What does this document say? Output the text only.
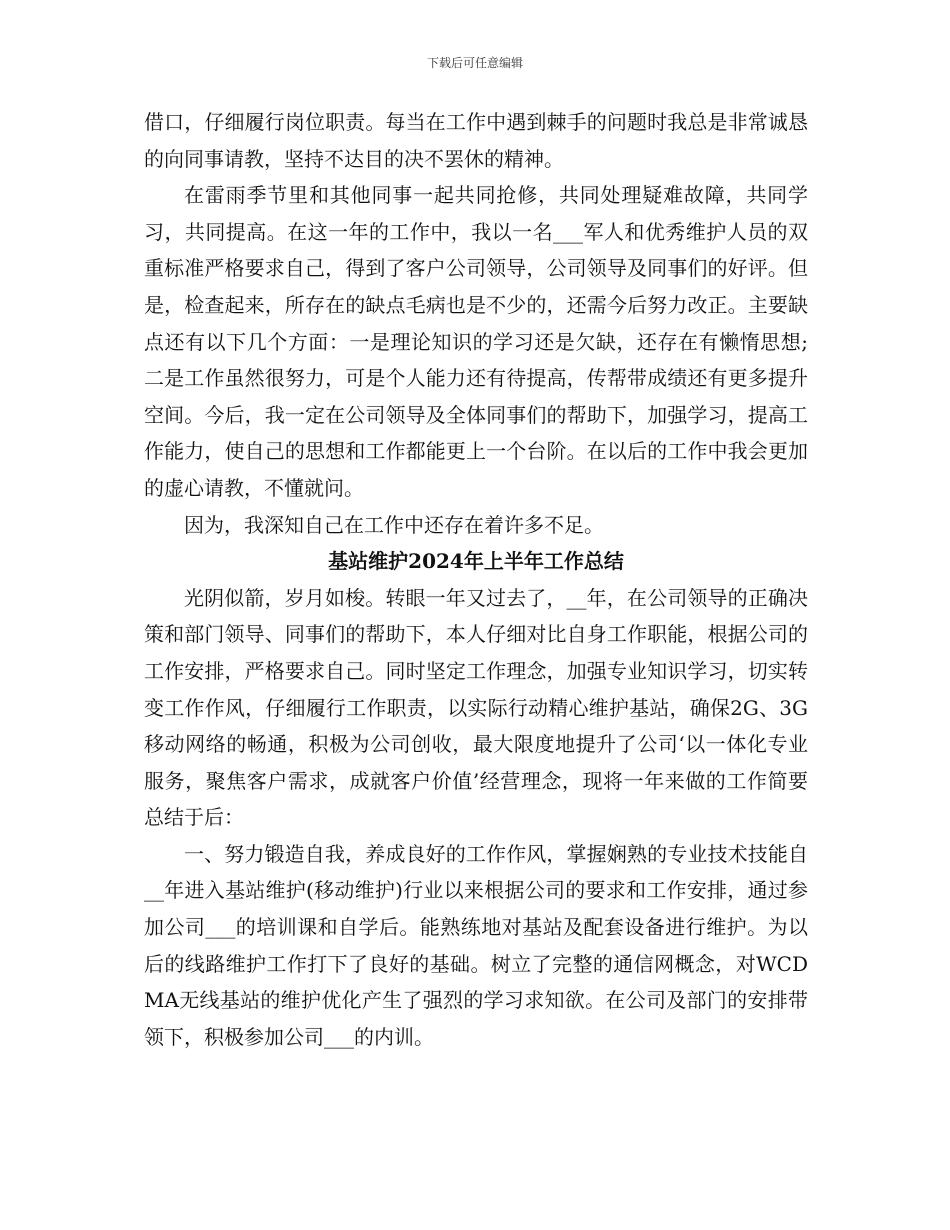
下载后可任意编辑

借口，仔细履行岗位职责。每当在工作中遇到棘手的问题时我总是非常诚恳的向同事请教，坚持不达目的决不罢休的精神。

在雷雨季节里和其他同事一起共同抢修，共同处理疑难故障，共同学习，共同提高。在这一年的工作中，我以一名___军人和优秀维护人员的双重标准严格要求自己，得到了客户公司领导，公司领导及同事们的好评。但是，检查起来，所存在的缺点毛病也是不少的，还需今后努力改正。主要缺点还有以下几个方面：一是理论知识的学习还是欠缺，还存在有懒惰思想;二是工作虽然很努力，可是个人能力还有待提高，传帮带成绩还有更多提升空间。今后，我一定在公司领导及全体同事们的帮助下，加强学习，提高工作能力，使自己的思想和工作都能更上一个台阶。在以后的工作中我会更加的虚心请教，不懂就问。

因为，我深知自己在工作中还存在着许多不足。

基站维护2024年上半年工作总结

光阴似箭，岁月如梭。转眼一年又过去了，__年，在公司领导的正确决策和部门领导、同事们的帮助下，本人仔细对比自身工作职能，根据公司的工作安排，严格要求自己。同时坚定工作理念，加强专业知识学习，切实转变工作作风，仔细履行工作职责，以实际行动精心维护基站，确保2G、3G移动网络的畅通，积极为公司创收，最大限度地提升了公司‘以一体化专业服务，聚焦客户需求，成就客户价值’经营理念，现将一年来做的工作简要总结于后：

一、努力锻造自我，养成良好的工作作风，掌握娴熟的专业技术技能自__年进入基站维护(移动维护)行业以来根据公司的要求和工作安排，通过参加公司___的培训课和自学后。能熟练地对基站及配套设备进行维护。为以后的线路维护工作打下了良好的基础。树立了完整的通信网概念，对WCDMA无线基站的维护优化产生了强烈的学习求知欲。在公司及部门的安排带领下，积极参加公司___的内训。
